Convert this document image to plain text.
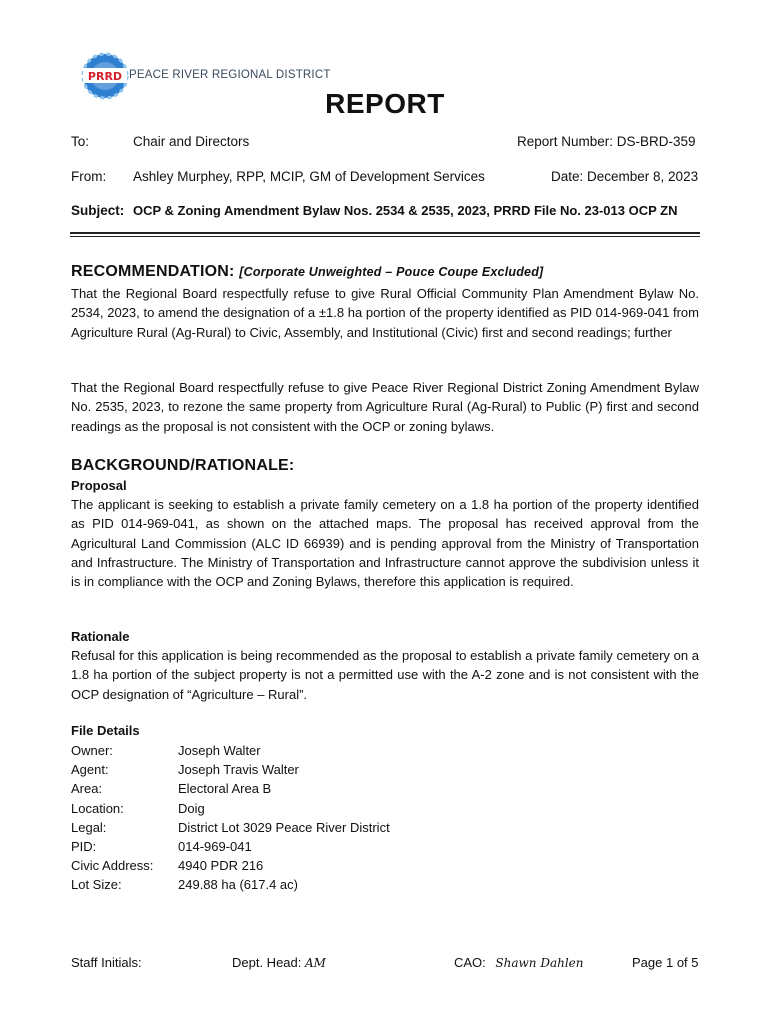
PRRD PEACE RIVER REGIONAL DISTRICT
REPORT
To:	Chair and Directors	Report Number: DS-BRD-359
From: Ashley Murphey, RPP, MCIP, GM of Development Services	Date: December 8, 2023
Subject: OCP & Zoning Amendment Bylaw Nos. 2534 & 2535, 2023, PRRD File No. 23-013 OCP ZN
RECOMMENDATION: [Corporate Unweighted – Pouce Coupe Excluded]
That the Regional Board respectfully refuse to give Rural Official Community Plan Amendment Bylaw No. 2534, 2023, to amend the designation of a ±1.8 ha portion of the property identified as PID 014-969-041 from Agriculture Rural (Ag-Rural) to Civic, Assembly, and Institutional (Civic) first and second readings; further
That the Regional Board respectfully refuse to give Peace River Regional District Zoning Amendment Bylaw No. 2535, 2023, to rezone the same property from Agriculture Rural (Ag-Rural) to Public (P) first and second readings as the proposal is not consistent with the OCP or zoning bylaws.
BACKGROUND/RATIONALE:
Proposal
The applicant is seeking to establish a private family cemetery on a 1.8 ha portion of the property identified as PID 014-969-041, as shown on the attached maps. The proposal has received approval from the Agricultural Land Commission (ALC ID 66939) and is pending approval from the Ministry of Transportation and Infrastructure. The Ministry of Transportation and Infrastructure cannot approve the subdivision unless it is in compliance with the OCP and Zoning Bylaws, therefore this application is required.
Rationale
Refusal for this application is being recommended as the proposal to establish a private family cemetery on a 1.8 ha portion of the subject property is not a permitted use with the A-2 zone and is not consistent with the OCP designation of “Agriculture – Rural”.
File Details
Owner:	Joseph Walter
Agent:	Joseph Travis Walter
Area:	Electoral Area B
Location:	Doig
Legal:	District Lot 3029 Peace River District
PID:	014-969-041
Civic Address:	4940 PDR 216
Lot Size:	249.88 ha (617.4 ac)
Staff Initials:	Dept. Head: AM	CAO: Shawn Dahlen	Page 1 of 5
